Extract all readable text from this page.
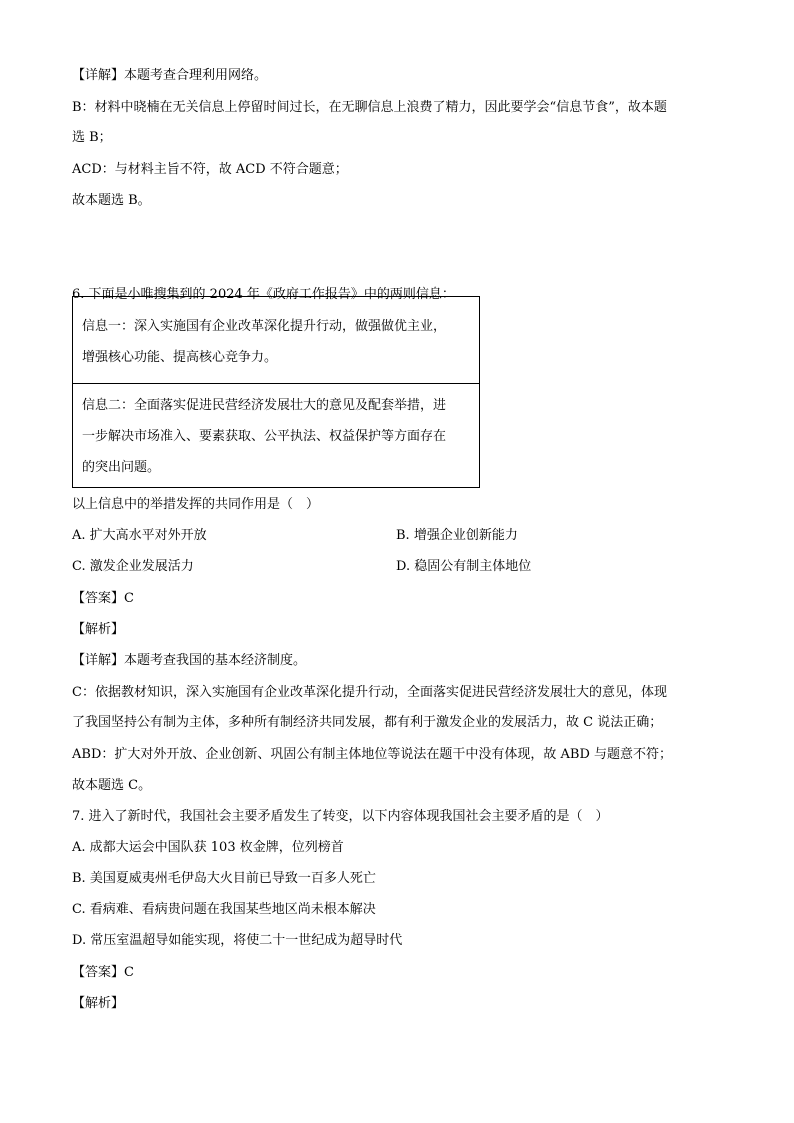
【详解】本题考查合理利用网络。
B：材料中晓楠在无关信息上停留时间过长，在无聊信息上浪费了精力，因此要学会“信息节食”，故本题
选 B；
ACD：与材料主旨不符，故 ACD 不符合题意；
故本题选 B。
6. 下面是小唯搜集到的 2024 年《政府工作报告》中的两则信息：
信息一：深入实施国有企业改革深化提升行动，做强做优主业，
增强核心功能、提高核心竞争力。
信息二：全面落实促进民营经济发展壮大的意见及配套举措，进
一步解决市场准入、要素获取、公平执法、权益保护等方面存在
的突出问题。
以上信息中的举措发挥的共同作用是（　）
A. 扩大高水平对外开放	B. 增强企业创新能力
C. 激发企业发展活力	D. 稳固公有制主体地位
【答案】C
【解析】
【详解】本题考查我国的基本经济制度。
C：依据教材知识，深入实施国有企业改革深化提升行动，全面落实促进民营经济发展壮大的意见，体现
了我国坚持公有制为主体，多种所有制经济共同发展，都有利于激发企业的发展活力，故 C 说法正确；
ABD：扩大对外开放、企业创新、巩固公有制主体地位等说法在题干中没有体现，故 ABD 与题意不符；
故本题选 C。
7. 进入了新时代，我国社会主要矛盾发生了转变，以下内容体现我国社会主要矛盾的是（　）
A. 成都大运会中国队获 103 枚金牌，位列榜首
B. 美国夏威夷州毛伊岛大火目前已导致一百多人死亡
C. 看病难、看病贵问题在我国某些地区尚未根本解决
D. 常压室温超导如能实现，将使二十一世纪成为超导时代
【答案】C
【解析】
